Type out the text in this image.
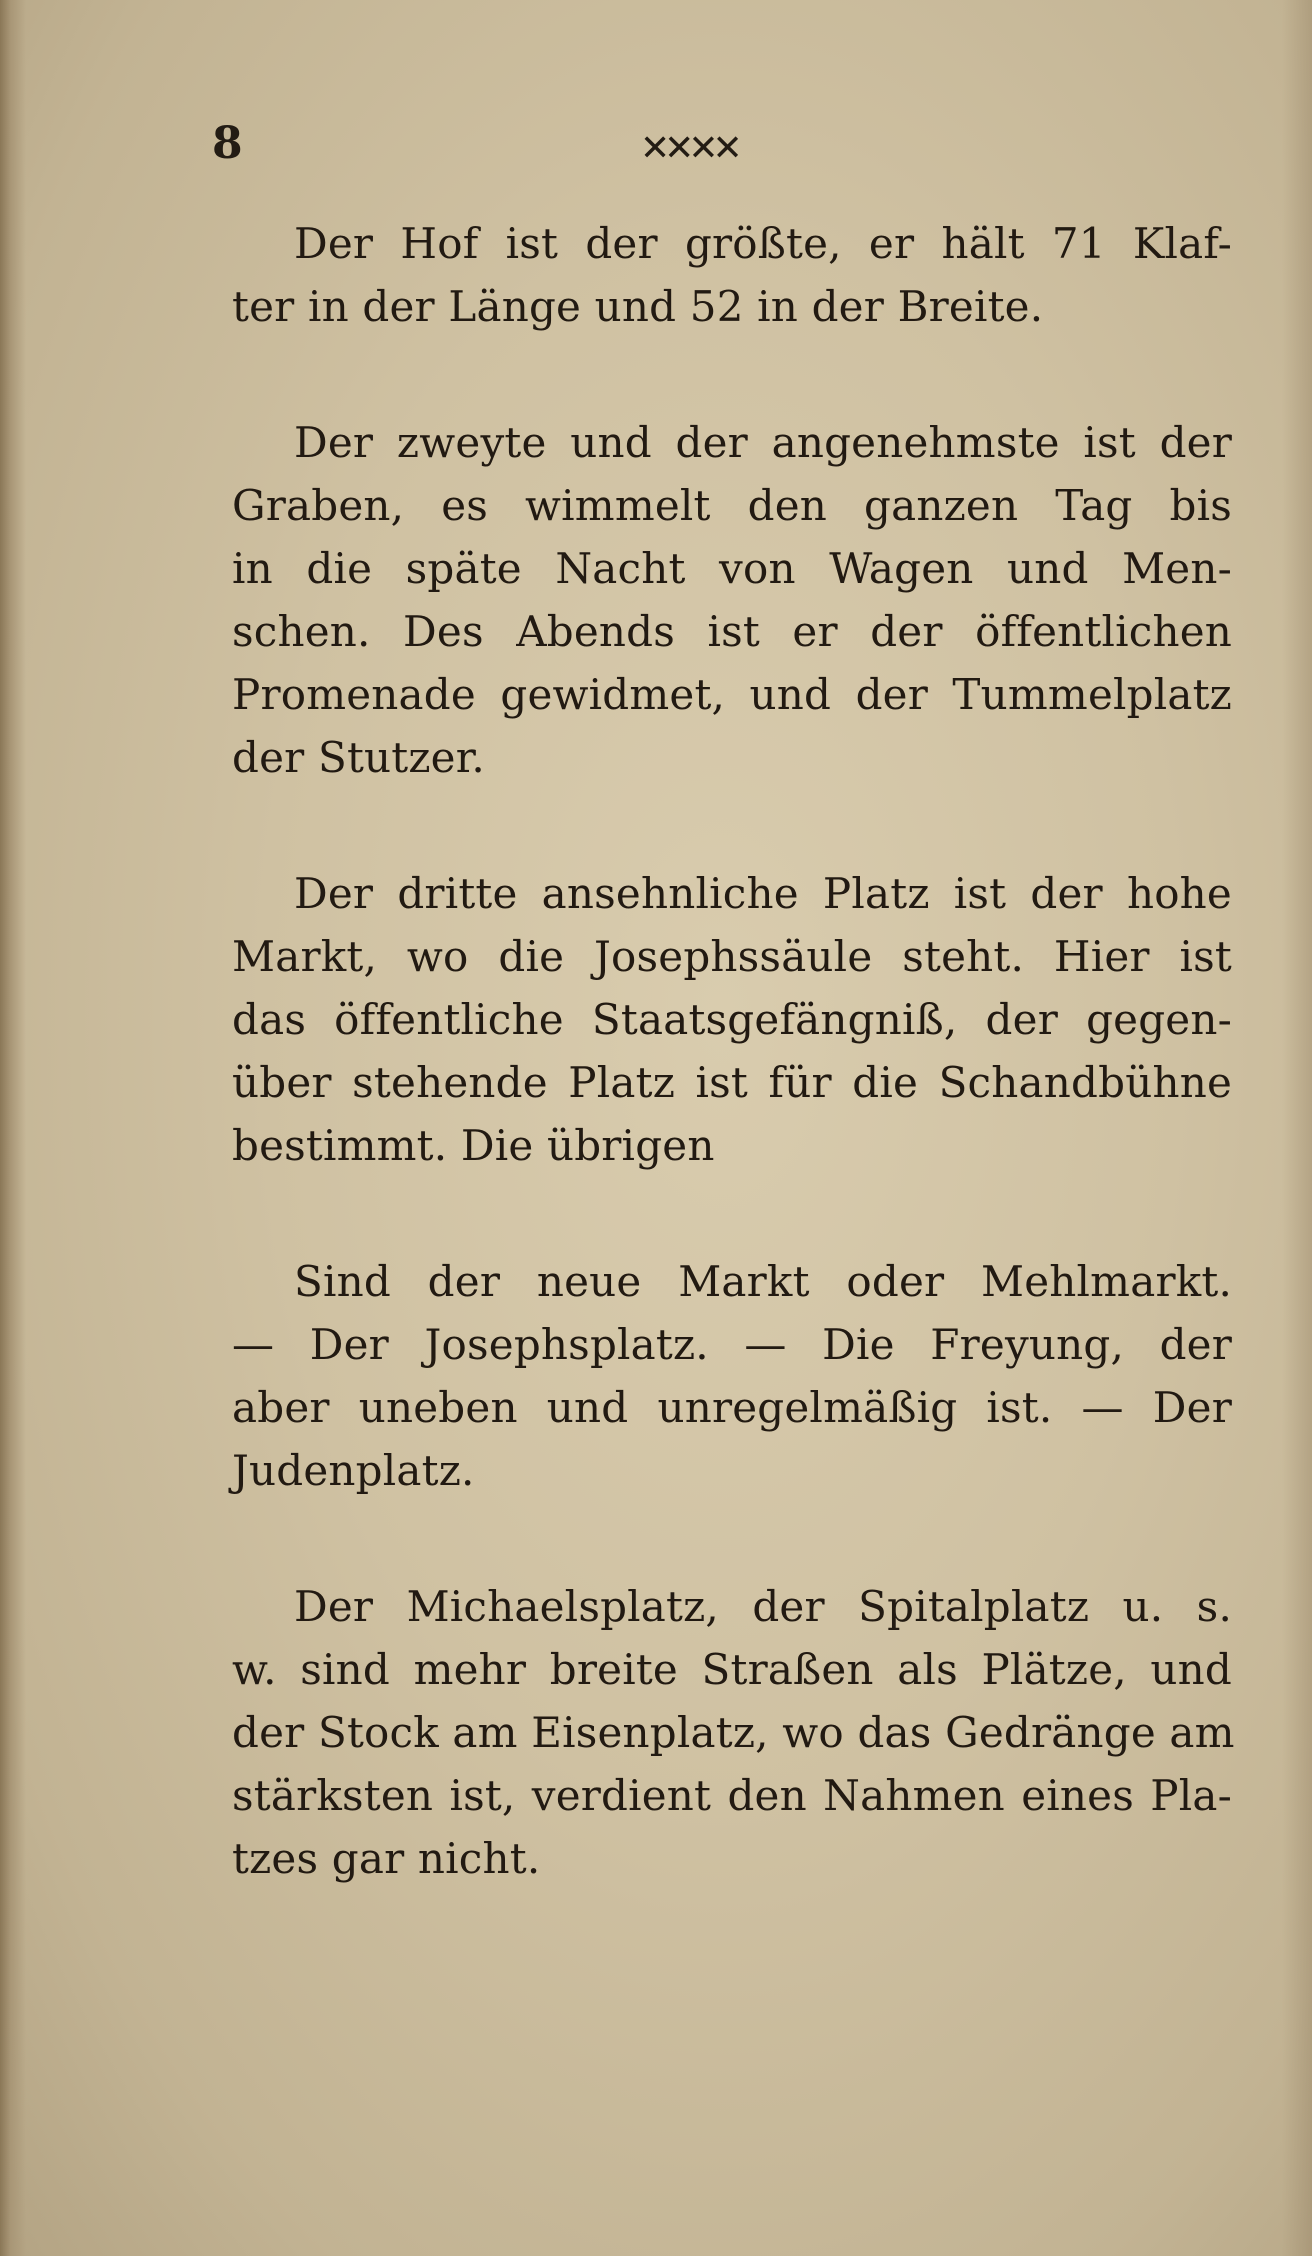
8	✕✕✕✕
Der Hof ist der größte, er hält 71 Klaf-
ter in der Länge und 52 in der Breite.
Der zweyte und der angenehmste ist der
Graben, es wimmelt den ganzen Tag bis
in die späte Nacht von Wagen und Men-
schen. Des Abends ist er der öffentlichen
Promenade gewidmet, und der Tummelplatz
der Stutzer.
Der dritte ansehnliche Platz ist der hohe
Markt, wo die Josephssäule steht. Hier ist
das öffentliche Staatsgefängniß, der gegen-
über stehende Platz ist für die Schandbühne
bestimmt. Die übrigen
Sind der neue Markt oder Mehlmarkt.
— Der Josephsplatz. — Die Freyung, der
aber uneben und unregelmäßig ist. — Der
Judenplatz.
Der Michaelsplatz, der Spitalplatz u. s.
w. sind mehr breite Straßen als Plätze, und
der Stock am Eisenplatz, wo das Gedränge am
stärksten ist, verdient den Nahmen eines Pla-
tzes gar nicht.
